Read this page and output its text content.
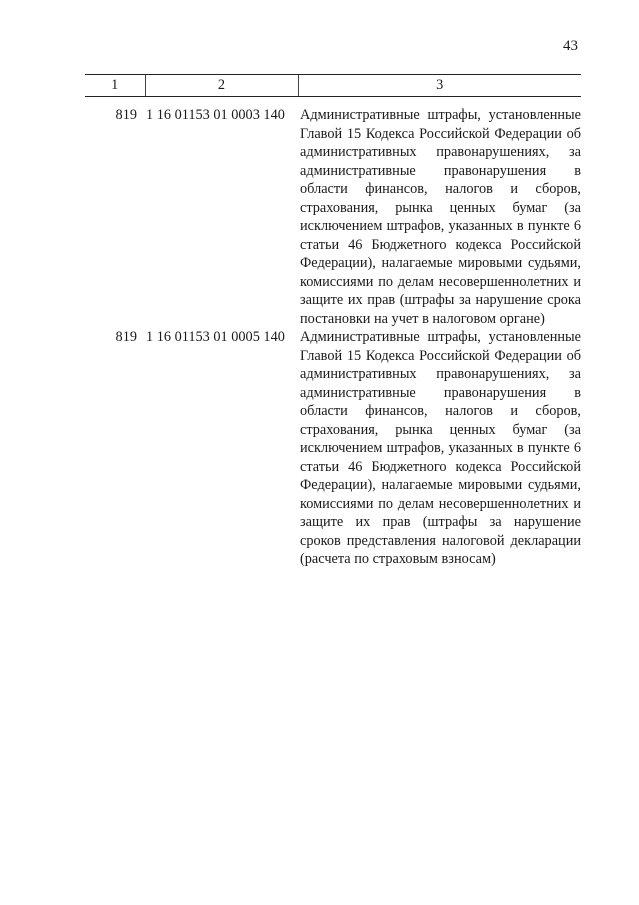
43
1	2	3

819	1 16 01153 01 0003 140	Административные штрафы, установленные Главой 15 Кодекса Российской Федерации об административных правонарушениях, за административные правонарушения в области финансов, налогов и сборов, страхования, рынка ценных бумаг (за исключением штрафов, указанных в пункте 6 статьи 46 Бюджетного кодекса Российской Федерации), налагаемые мировыми судьями, комиссиями по делам несовершеннолетних и защите их прав (штрафы за нарушение срока постановки на учет в налоговом органе)
819	1 16 01153 01 0005 140	Административные штрафы, установленные Главой 15 Кодекса Российской Федерации об административных правонарушениях, за административные правонарушения в области финансов, налогов и сборов, страхования, рынка ценных бумаг (за исключением штрафов, указанных в пункте 6 статьи 46 Бюджетного кодекса Российской Федерации), налагаемые мировыми судьями, комиссиями по делам несовершеннолетних и защите их прав (штрафы за нарушение сроков представления налоговой декларации (расчета по страховым взносам)
